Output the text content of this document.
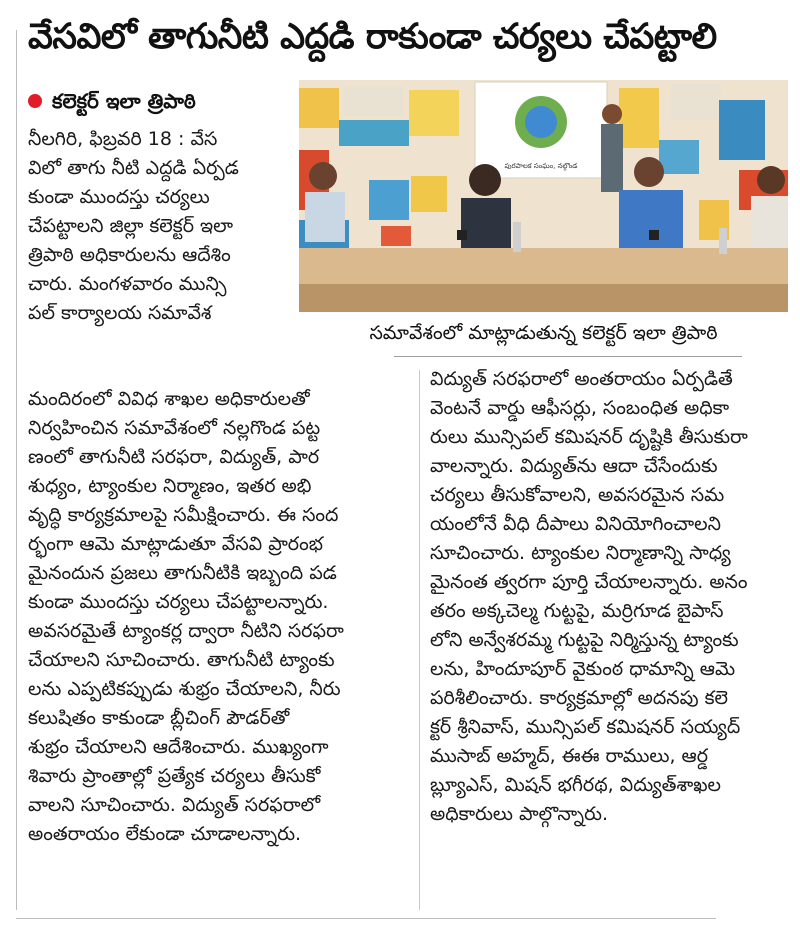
వేసవిలో తాగునీటి ఎద్దడి రాకుండా చర్యలు చేపట్టాలి
కలెక్టర్ ఇలా త్రిపాఠి
పురపాలక సంఘం, నల్గొండ
సమావేశంలో మాట్లాడుతున్న కలెక్టర్ ఇలా త్రిపాఠి
నీలగిరి, ఫిబ్రవరి 18 : వేస
విలో తాగు నీటి ఎద్దడి ఏర్పడ
కుండా ముందస్తు చర్యలు
చేపట్టాలని జిల్లా కలెక్టర్ ఇలా
త్రిపాఠి అధికారులను ఆదేశిం
చారు. మంగళవారం మున్సి
పల్ కార్యాలయ సమావేశ
మందిరంలో వివిధ శాఖల అధికారులతో
నిర్వహించిన సమావేశంలో నల్లగొండ పట్ట
ణంలో తాగునీటి సరఫరా, విద్యుత్, పార
శుధ్యం, ట్యాంకుల నిర్మాణం, ఇతర అభి
వృద్ధి కార్యక్రమాలపై సమీక్షించారు. ఈ సంద
ర్భంగా ఆమె మాట్లాడుతూ వేసవి ప్రారంభ
మైనందున ప్రజలు తాగునీటికి ఇబ్బంది పడ
కుండా ముందస్తు చర్యలు చేపట్టాలన్నారు.
అవసరమైతే ట్యాంకర్ల ద్వారా నీటిని సరఫరా
చేయాలని సూచించారు. తాగునీటి ట్యాంకు
లను ఎప్పటికప్పుడు శుభ్రం చేయాలని, నీరు
కలుషితం కాకుండా బ్లీచింగ్ పౌడర్‌తో
శుభ్రం చేయాలని ఆదేశించారు. ముఖ్యంగా
శివారు ప్రాంతాల్లో ప్రత్యేక చర్యలు తీసుకో
వాలని సూచించారు. విద్యుత్ సరఫరాలో
అంతరాయం లేకుండా చూడాలన్నారు.
విద్యుత్ సరఫరాలో అంతరాయం ఏర్పడితే
వెంటనే వార్డు ఆఫీసర్లు, సంబంధిత అధికా
రులు మున్సిపల్ కమిషనర్ దృష్టికి తీసుకురా
వాలన్నారు. విద్యుత్‌ను ఆదా చేసేందుకు
చర్యలు తీసుకోవాలని, అవసరమైన సమ
యంలోనే వీధి దీపాలు వినియోగించాలని
సూచించారు. ట్యాంకుల నిర్మాణాన్ని సాధ్య
మైనంత త్వరగా పూర్తి చేయాలన్నారు. అనం
తరం అక్కచెల్మ గుట్టపై, మర్రిగూడ బైపాస్
లోని అన్వేశరమ్మ గుట్టపై నిర్మిస్తున్న ట్యాంకు
లను, హిందూపూర్ వైకుంఠ ధామాన్ని ఆమె
పరిశీలించారు. కార్యక్రమాల్లో అదనపు కలె
క్టర్ శ్రీనివాస్, మున్సిపల్ కమిషనర్ సయ్యద్
ముసాబ్ అహ్మద్, ఈఈ రాములు, ఆర్డ
బ్ల్యూఎస్, మిషన్ భగీరథ, విద్యుత్‌శాఖల
అధికారులు పాల్గొన్నారు.
